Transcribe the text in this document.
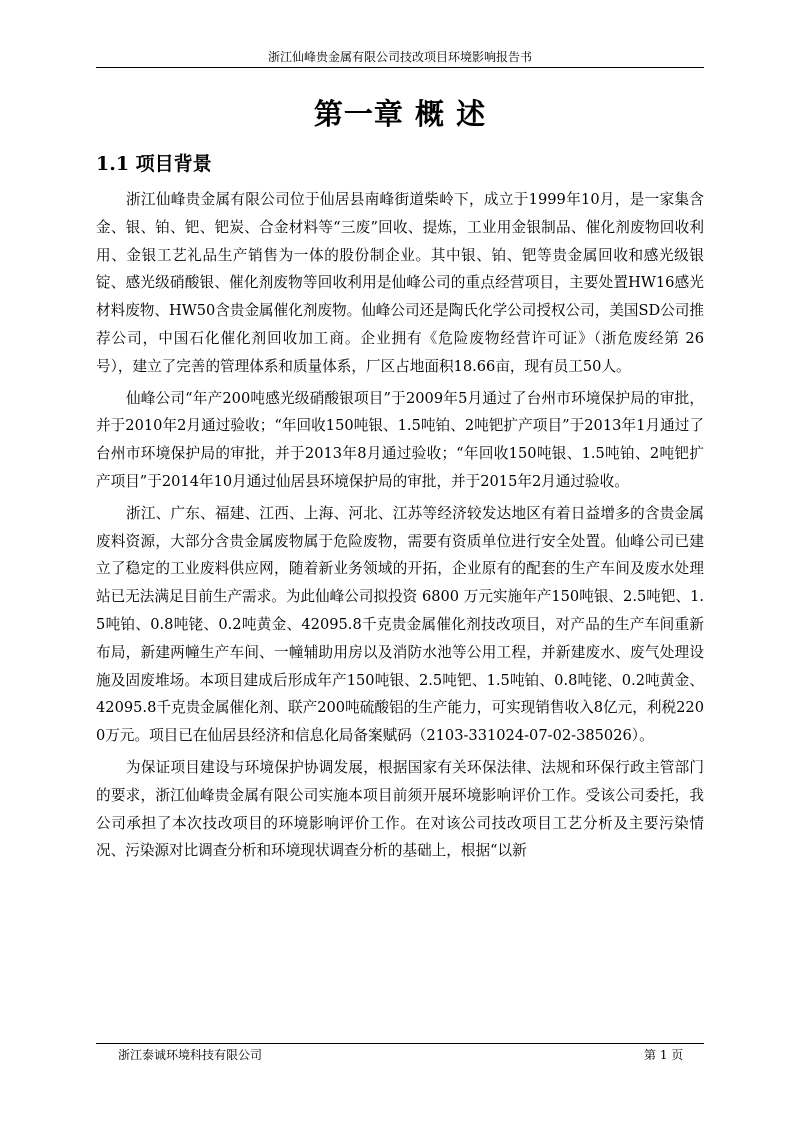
浙江仙峰贵金属有限公司技改项目环境影响报告书
第一章 概 述
1.1 项目背景

浙江仙峰贵金属有限公司位于仙居县南峰街道柴岭下，成立于1999年10月，是一家集含金、银、铂、钯、钯炭、合金材料等“三废”回收、提炼，工业用金银制品、催化剂废物回收利用、金银工艺礼品生产销售为一体的股份制企业。其中银、铂、钯等贵金属回收和感光级银锭、感光级硝酸银、催化剂废物等回收利用是仙峰公司的重点经营项目，主要处置HW16感光材料废物、HW50含贵金属催化剂废物。仙峰公司还是陶氏化学公司授权公司，美国SD公司推荐公司，中国石化催化剂回收加工商。企业拥有《危险废物经营许可证》（浙危废经第 26 号），建立了完善的管理体系和质量体系，厂区占地面积18.66亩，现有员工50人。

仙峰公司“年产200吨感光级硝酸银项目”于2009年5月通过了台州市环境保护局的审批，并于2010年2月通过验收；“年回收150吨银、1.5吨铂、2吨钯扩产项目”于2013年1月通过了台州市环境保护局的审批，并于2013年8月通过验收；“年回收150吨银、1.5吨铂、2吨钯扩产项目”于2014年10月通过仙居县环境保护局的审批，并于2015年2月通过验收。

浙江、广东、福建、江西、上海、河北、江苏等经济较发达地区有着日益增多的含贵金属废料资源，大部分含贵金属废物属于危险废物，需要有资质单位进行安全处置。仙峰公司已建立了稳定的工业废料供应网，随着新业务领域的开拓，企业原有的配套的生产车间及废水处理站已无法满足目前生产需求。为此仙峰公司拟投资 6800 万元实施年产150吨银、2.5吨钯、1.5吨铂、0.8吨铑、0.2吨黄金、42095.8千克贵金属催化剂技改项目，对产品的生产车间重新布局，新建两幢生产车间、一幢辅助用房以及消防水池等公用工程，并新建废水、废气处理设施及固废堆场。本项目建成后形成年产150吨银、2.5吨钯、1.5吨铂、0.8吨铑、0.2吨黄金、42095.8千克贵金属催化剂、联产200吨硫酸铝的生产能力，可实现销售收入8亿元，利税2200万元。项目已在仙居县经济和信息化局备案赋码（2103-331024-07-02-385026）。

为保证项目建设与环境保护协调发展，根据国家有关环保法律、法规和环保行政主管部门的要求，浙江仙峰贵金属有限公司实施本项目前须开展环境影响评价工作。受该公司委托，我公司承担了本次技改项目的环境影响评价工作。在对该公司技改项目工艺分析及主要污染情况、污染源对比调查分析和环境现状调查分析的基础上，根据“以新

浙江泰诚环境科技有限公司	第 1 页
